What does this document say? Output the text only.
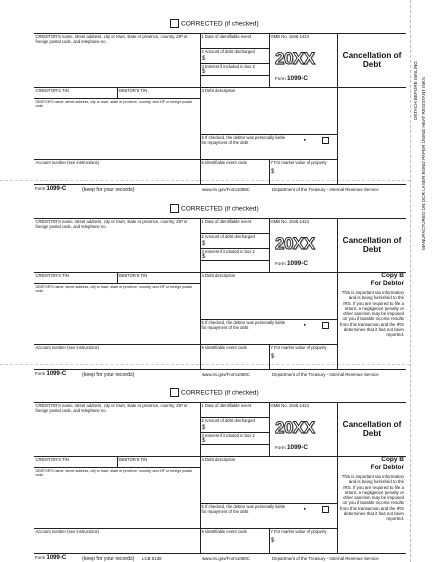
DETACH BEFORE MAILING MANUFACTURED ON OCR LASER BOND PAPER USING HEAT RESISTANT INKS
CORRECTED (if checked)
CREDITOR'S name, street address, city or town, state or province, country, ZIP or foreign postal code, and telephone no.
1 Date of identifiable event	OMB No. 1545-1424
2 Amount of debt discharged
$
3 Interest if included in box 2
$
20XX
Form 1099-C
Cancellation of Debt
CREDITOR'S TIN	DEBTOR'S TIN	4 Debt description
DEBTOR'S name, street address, city or town, state or province, country, and ZIP or foreign postal code
5 If checked, the debtor was personally liable for repayment of the debt
▸
Account number (see instructions)	6 Identifiable event code	7 For market value of property
$
Form 1099-C	(keep for your records)	www.irs.gov/Form1099C	Department of the Treasury - Internal Revenue Service
CORRECTED (if checked)
CREDITOR'S name, street address, city or town, state or province, country, ZIP or foreign postal code, and telephone no.
1 Date of identifiable event	OMB No. 1545-1424
2 Amount of debt discharged
$
3 Interest if included in box 2
$
20XX
Form 1099-C
Cancellation of Debt
CREDITOR'S TIN	DEBTOR'S TIN	4 Debt description
DEBTOR'S name, street address, city or town, state or province, country, and ZIP or foreign postal code
5 If checked, the debtor was personally liable for repayment of the debt
▸
Account number (see instructions)	6 Identifiable event code	7 For market value of property
$
Copy B
For Debtor
This is important tax information and is being furnished to the IRS. If you are required to file a return, a negligence penalty or other sanction may be imposed on you if taxable income results from this transaction and the IRS determines that it has not been reported.
Form 1099-C	(keep for your records)	www.irs.gov/Form1099C	Department of the Treasury - Internal Revenue Service
CORRECTED (if checked)
CREDITOR'S name, street address, city or town, state or province, country, ZIP or foreign postal code, and telephone no.
1 Date of identifiable event	OMB No. 1545-1424
2 Amount of debt discharged
$
3 Interest if included in box 2
$
20XX
Form 1099-C
Cancellation of Debt
CREDITOR'S TIN	DEBTOR'S TIN	4 Debt description
DEBTOR'S name, street address, city or town, state or province, country, and ZIP or foreign postal code
5 If checked, the debtor was personally liable for repayment of the debt
▸
Account number (see instructions)	6 Identifiable event code	7 For market value of property
$
Copy B
For Debtor
This is important tax information and is being furnished to the IRS. If you are required to file a return, a negligence penalty or other sanction may be imposed on you if taxable income results from this transaction and the IRS determines that it has not been reported.
Form 1099-C	(keep for your records) LCB 5138	www.irs.gov/Form1099C	Department of the Treasury - Internal Revenue Service
